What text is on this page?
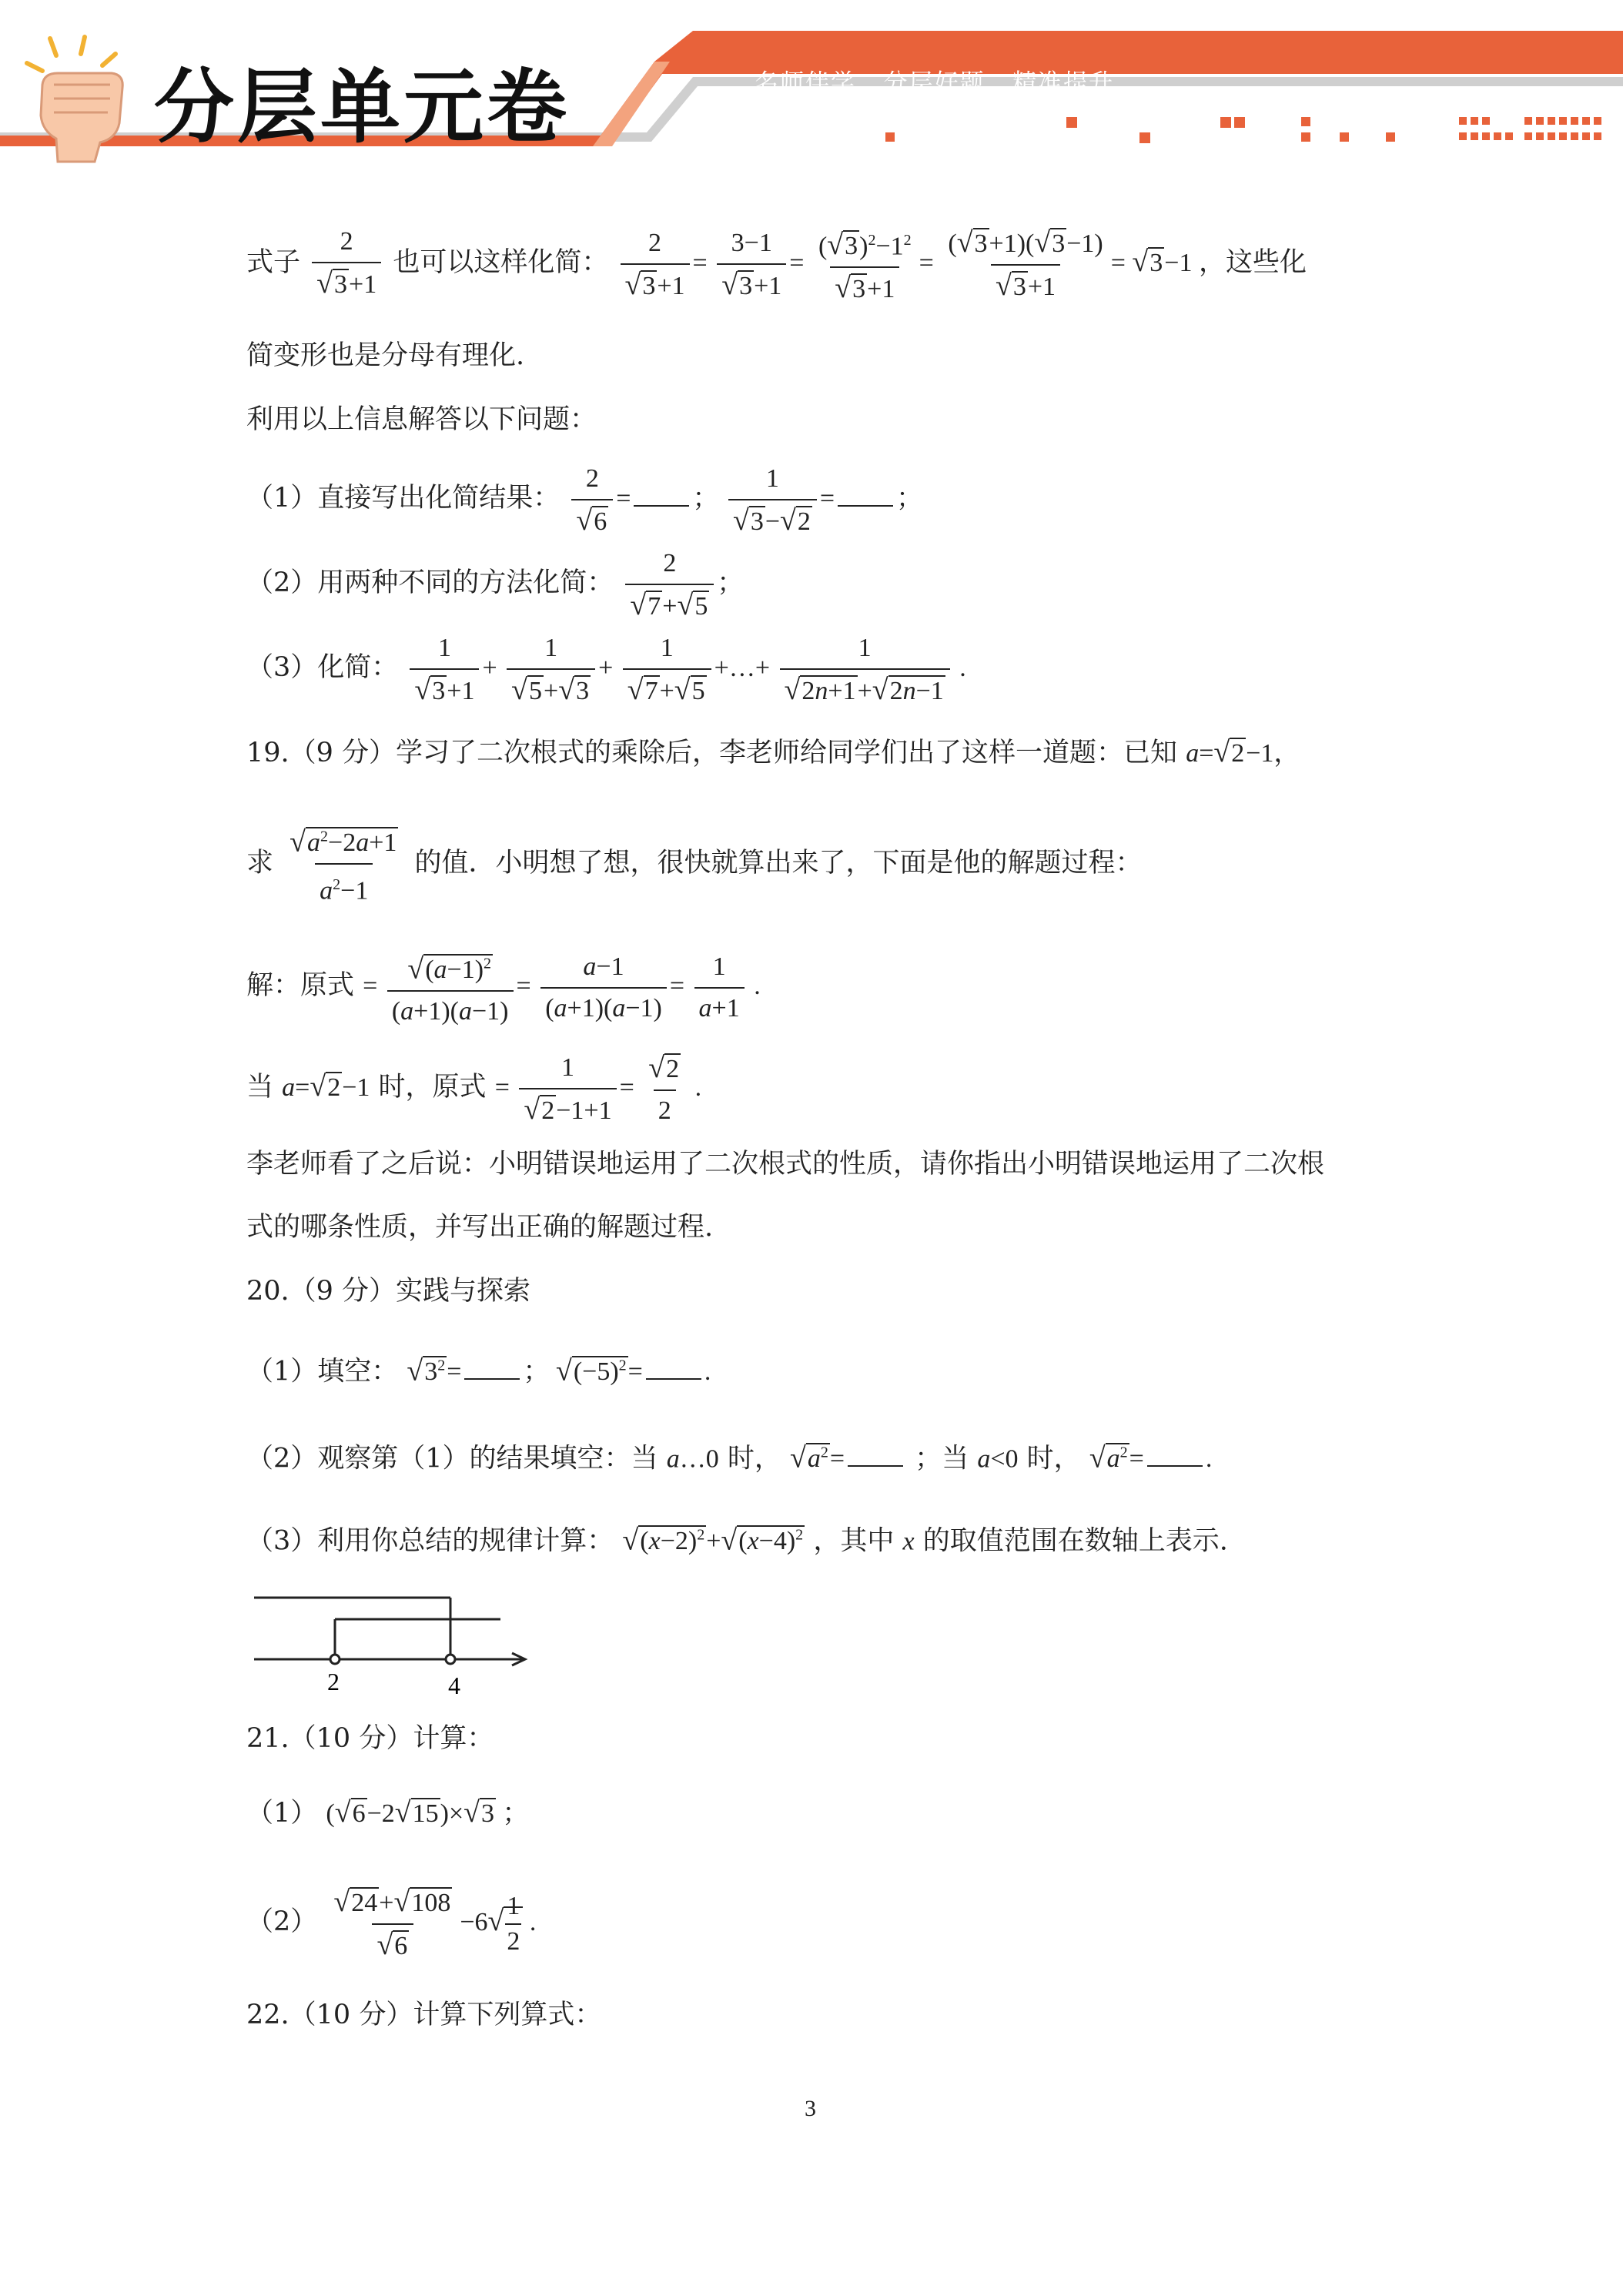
分层单元卷	名师伴学   分层好题   精准提升
式子 $\frac{2}{√3+1}$ 也可以这样化简： $\frac{2}{√3+1} = \frac{3-1}{√3+1} = \frac{(√3)^2-1^2}{√3+1} = \frac{(√3+1)(√3-1)}{√3+1} = √3-1$ ，这些化
简变形也是分母有理化.
利用以上信息解答以下问题：
（1）直接写出化简结果： $\frac{2}{√6}$ = ； $\frac{1}{√3-√2}$ = ；
（2）用两种不同的方法化简： $\frac{2}{√7+√5}$ ；
（3）化简： $\frac{1}{√3+1} + \frac{1}{√5+√3} + \frac{1}{√7+√5}$ +…+ $\frac{1}{√2n+1+√2n-1}$ .
19.（9 分）学习了二次根式的乘除后，李老师给同学们出了这样一道题：已知 a=√2−1，
求 $\frac{√a^2-2a+1}{a^2-1}$ 的值．小明想了想，很快就算出来了，下面是他的解题过程：
解：原式 = $\frac{√(a-1)^2}{(a+1)(a-1)} = \frac{a-1}{(a+1)(a-1)} = \frac{1}{a+1}$ .
当 a=√2−1 时，原式 = $\frac{1}{√2-1+1} = \frac{√2}{2}$ .
李老师看了之后说：小明错误地运用了二次根式的性质，请你指出小明错误地运用了二次根
式的哪条性质，并写出正确的解题过程.
20.（9 分）实践与探索
（1）填空： $√3^2=$ ； $√(-5)^2=$ .
（2）观察第（1）的结果填空：当 a…0 时， $√a^2=$	；当 a<0 时， $√a^2=$ .
（3）利用你总结的规律计算： $√(x-2)^2+√(x-4)^2$ ，其中 x 的取值范围在数轴上表示.
2	4
21.（10 分）计算：
（1） (√6−2√15)×√3 ；
$(2) \frac{√24+√108}{√6} -6√ \frac{1}{2}$ .
22.（10 分）计算下列算式：
3
